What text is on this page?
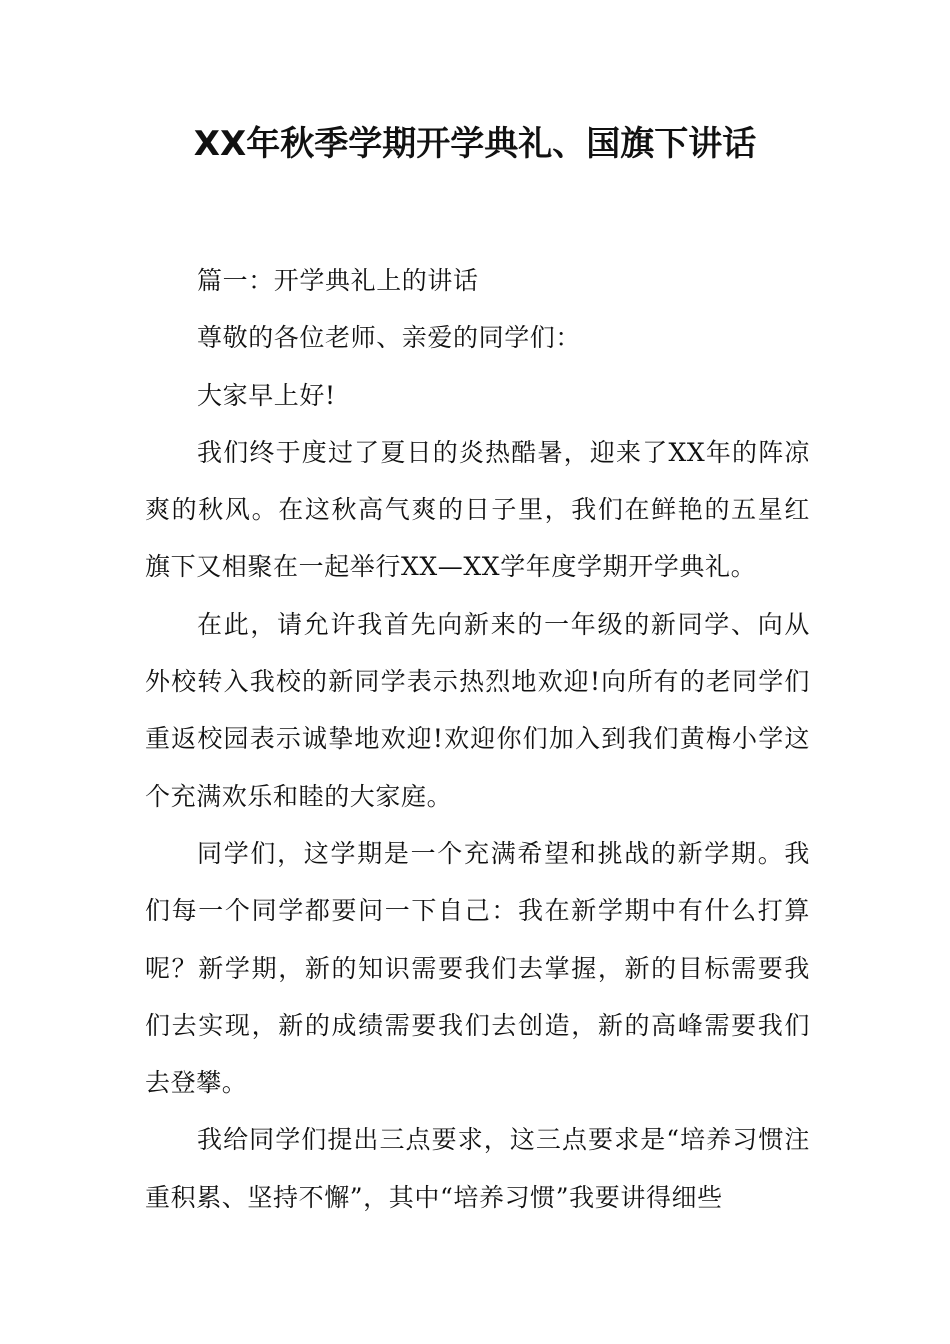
XX年秋季学期开学典礼、国旗下讲话

篇一：开学典礼上的讲话

尊敬的各位老师、亲爱的同学们：

大家早上好!

我们终于度过了夏日的炎热酷暑，迎来了XX年的阵凉爽的秋风。在这秋高气爽的日子里，我们在鲜艳的五星红旗下又相聚在一起举行XX—XX学年度学期开学典礼。

在此，请允许我首先向新来的一年级的新同学、向从外校转入我校的新同学表示热烈地欢迎!向所有的老同学们重返校园表示诚挚地欢迎!欢迎你们加入到我们黄梅小学这个充满欢乐和睦的大家庭。

同学们，这学期是一个充满希望和挑战的新学期。我们每一个同学都要问一下自己：我在新学期中有什么打算呢？新学期，新的知识需要我们去掌握，新的目标需要我们去实现，新的成绩需要我们去创造，新的高峰需要我们去登攀。

我给同学们提出三点要求，这三点要求是“培养习惯注重积累、坚持不懈”，其中“培养习惯”我要讲得细些
